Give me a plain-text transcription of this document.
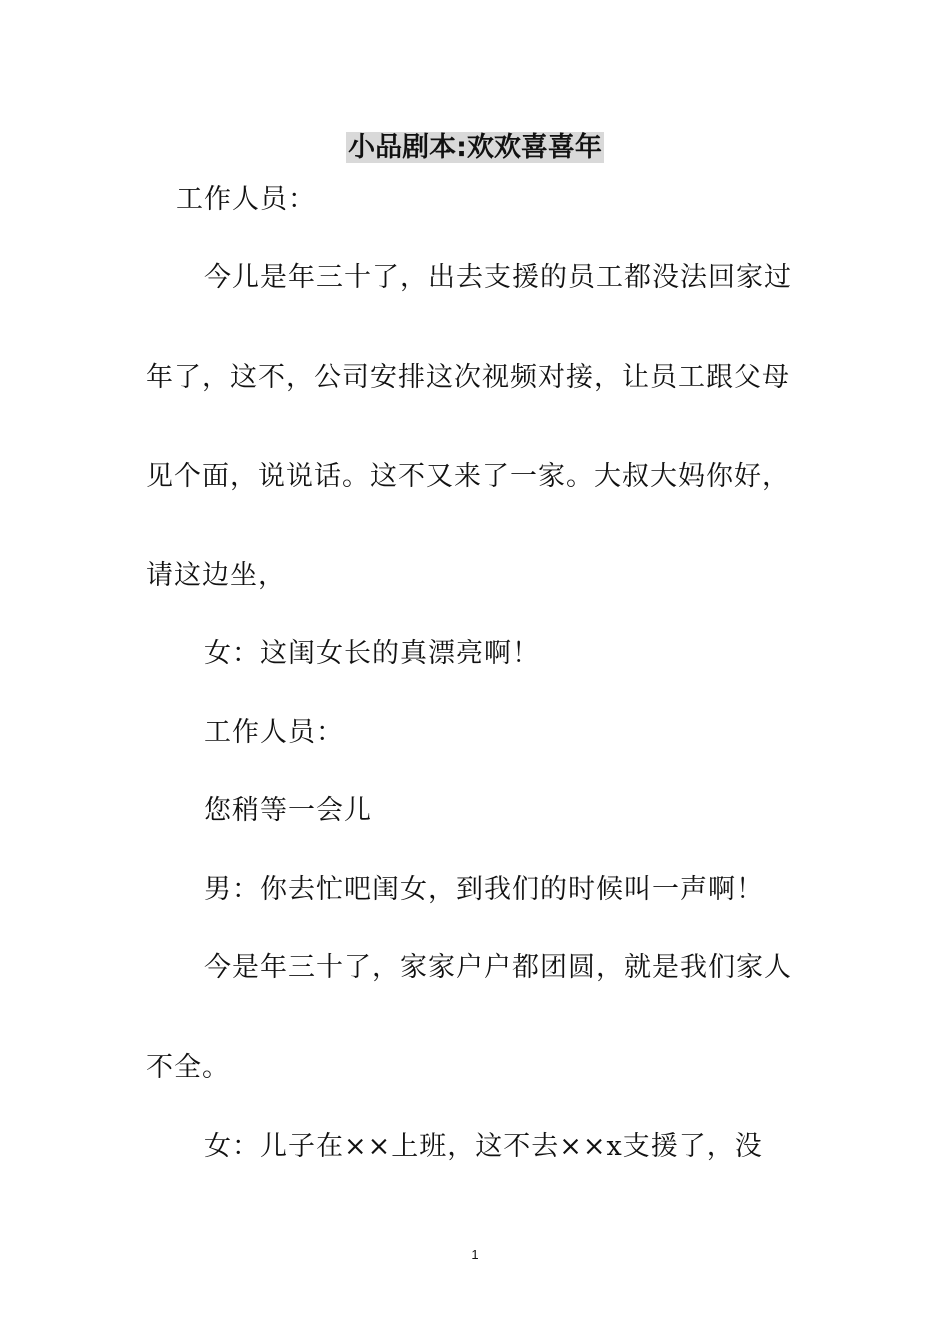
小品剧本:欢欢喜喜年
工作人员：
今儿是年三十了，出去支援的员工都没法回家过
年了，这不，公司安排这次视频对接，让员工跟父母
见个面，说说话。这不又来了一家。大叔大妈你好，
请这边坐，
女：这闺女长的真漂亮啊！
工作人员：
您稍等一会儿
男：你去忙吧闺女，到我们的时候叫一声啊！
今是年三十了，家家户户都团圆，就是我们家人
不全。
女：儿子在××上班，这不去××x支援了，没
1
